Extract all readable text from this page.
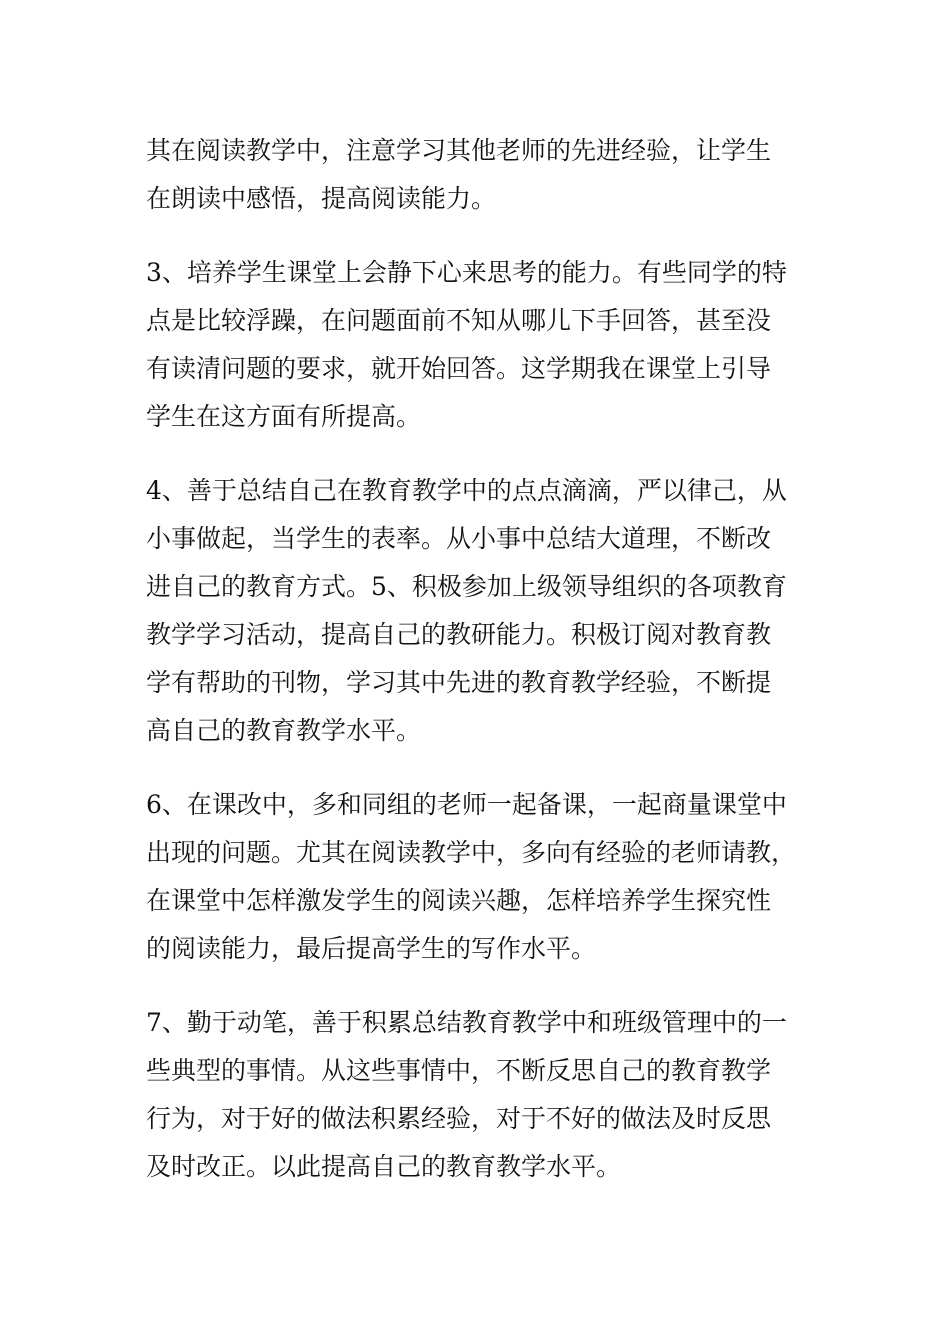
其在阅读教学中，注意学习其他老师的先进经验，让学生
在朗读中感悟，提高阅读能力。

3、培养学生课堂上会静下心来思考的能力。有些同学的特
点是比较浮躁，在问题面前不知从哪儿下手回答，甚至没
有读清问题的要求，就开始回答。这学期我在课堂上引导
学生在这方面有所提高。

4、善于总结自己在教育教学中的点点滴滴，严以律己，从
小事做起，当学生的表率。从小事中总结大道理，不断改
进自己的教育方式。5、积极参加上级领导组织的各项教育
教学学习活动，提高自己的教研能力。积极订阅对教育教
学有帮助的刊物，学习其中先进的教育教学经验，不断提
高自己的教育教学水平。

6、在课改中，多和同组的老师一起备课，一起商量课堂中
出现的问题。尤其在阅读教学中，多向有经验的老师请教，
在课堂中怎样激发学生的阅读兴趣，怎样培养学生探究性
的阅读能力，最后提高学生的写作水平。

7、勤于动笔，善于积累总结教育教学中和班级管理中的一
些典型的事情。从这些事情中，不断反思自己的教育教学
行为，对于好的做法积累经验，对于不好的做法及时反思
及时改正。以此提高自己的教育教学水平。
